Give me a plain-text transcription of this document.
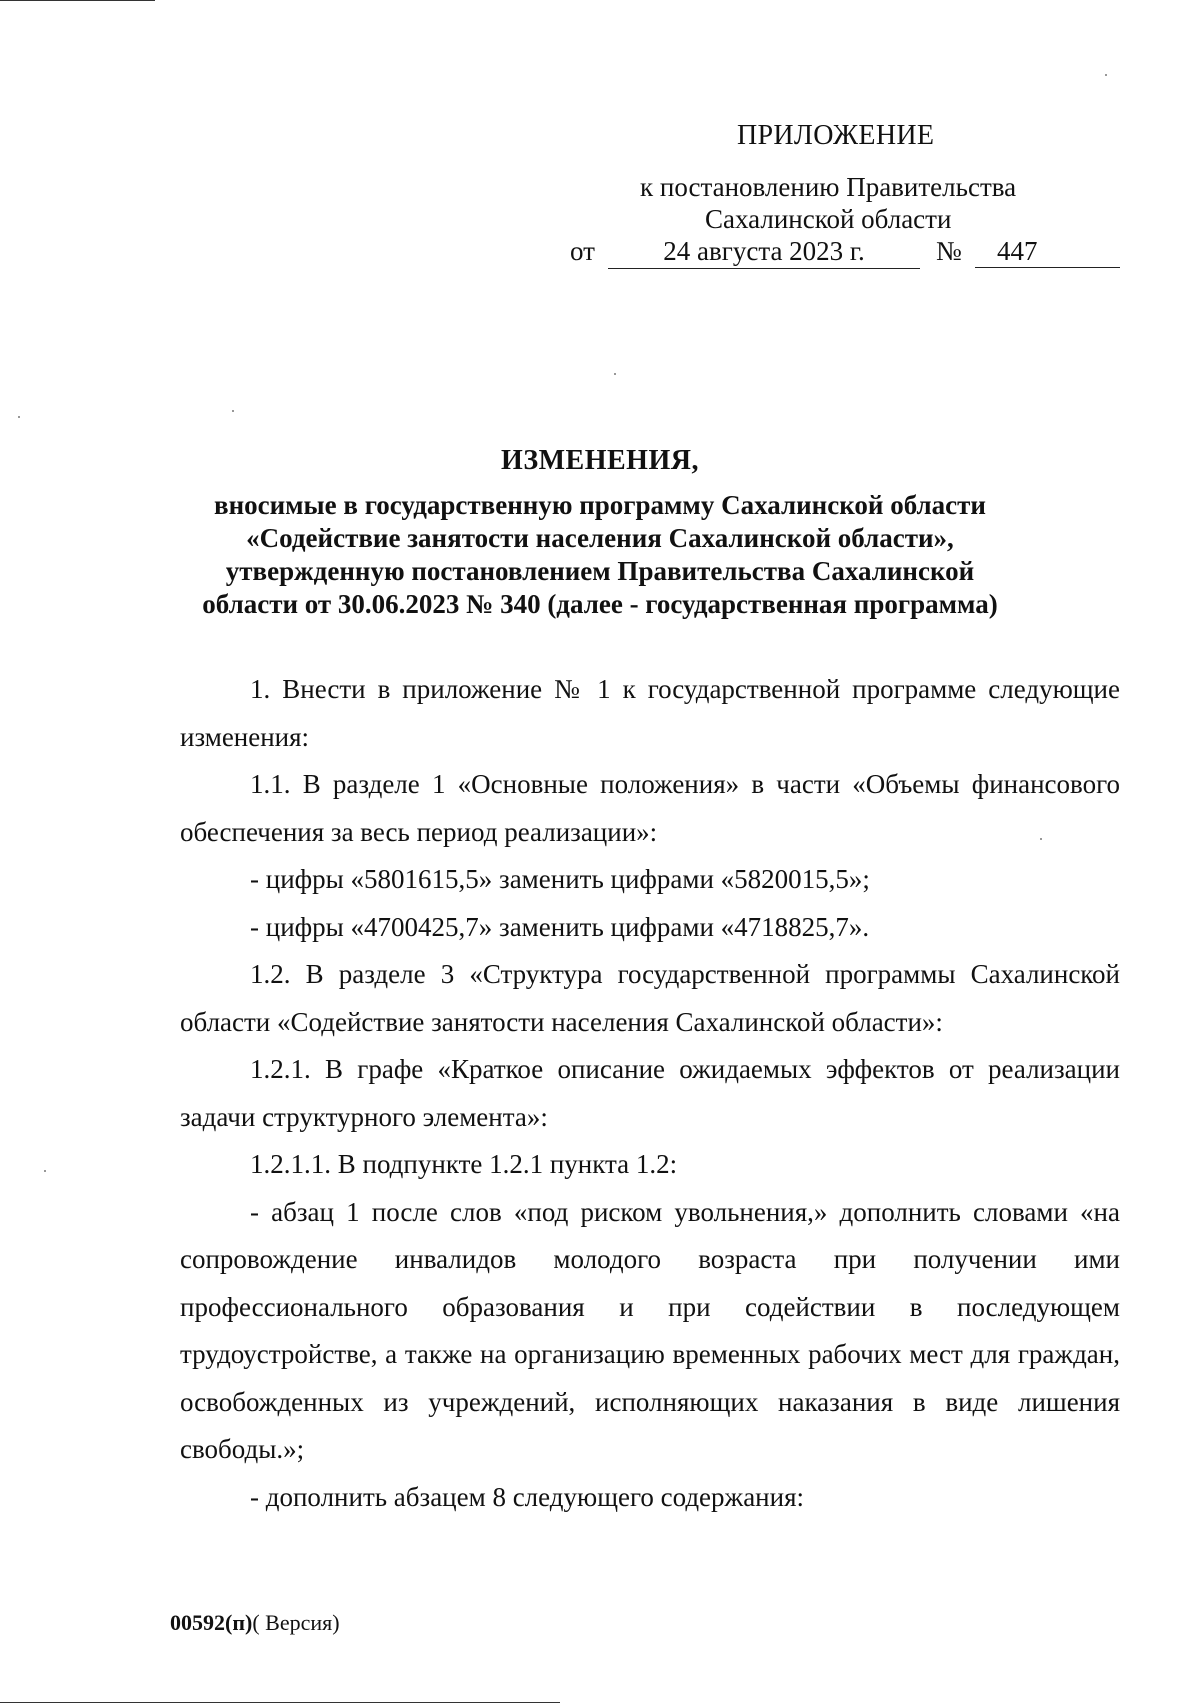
ПРИЛОЖЕНИЕ
к постановлению Правительства
Сахалинской области
от	24 августа 2023 г.	№	447
ИЗМЕНЕНИЯ,
вносимые в государственную программу Сахалинской области
«Содействие занятости населения Сахалинской области»,
утвержденную постановлением Правительства Сахалинской
области от 30.06.2023 № 340 (далее - государственная программа)

1. Внести в приложение № 1 к государственной программе следующие изменения:

1.1. В разделе 1 «Основные положения» в части «Объемы финансового обеспечения за весь период реализации»:

- цифры «5801615,5» заменить цифрами «5820015,5»;

- цифры «4700425,7» заменить цифрами «4718825,7».

1.2. В разделе 3 «Структура государственной программы Сахалинской области «Содействие занятости населения Сахалинской области»:

1.2.1. В графе «Краткое описание ожидаемых эффектов от реализации задачи структурного элемента»:

1.2.1.1. В подпункте 1.2.1 пункта 1.2:

- абзац 1 после слов «под риском увольнения,» дополнить словами «на сопровождение инвалидов молодого возраста при получении ими профессионального образования и при содействии в последующем трудоустройстве, а также на организацию временных рабочих мест для граждан, освобожденных из учреждений, исполняющих наказания в виде лишения свободы.»;

- дополнить абзацем 8 следующего содержания:

00592(п)( Версия)
